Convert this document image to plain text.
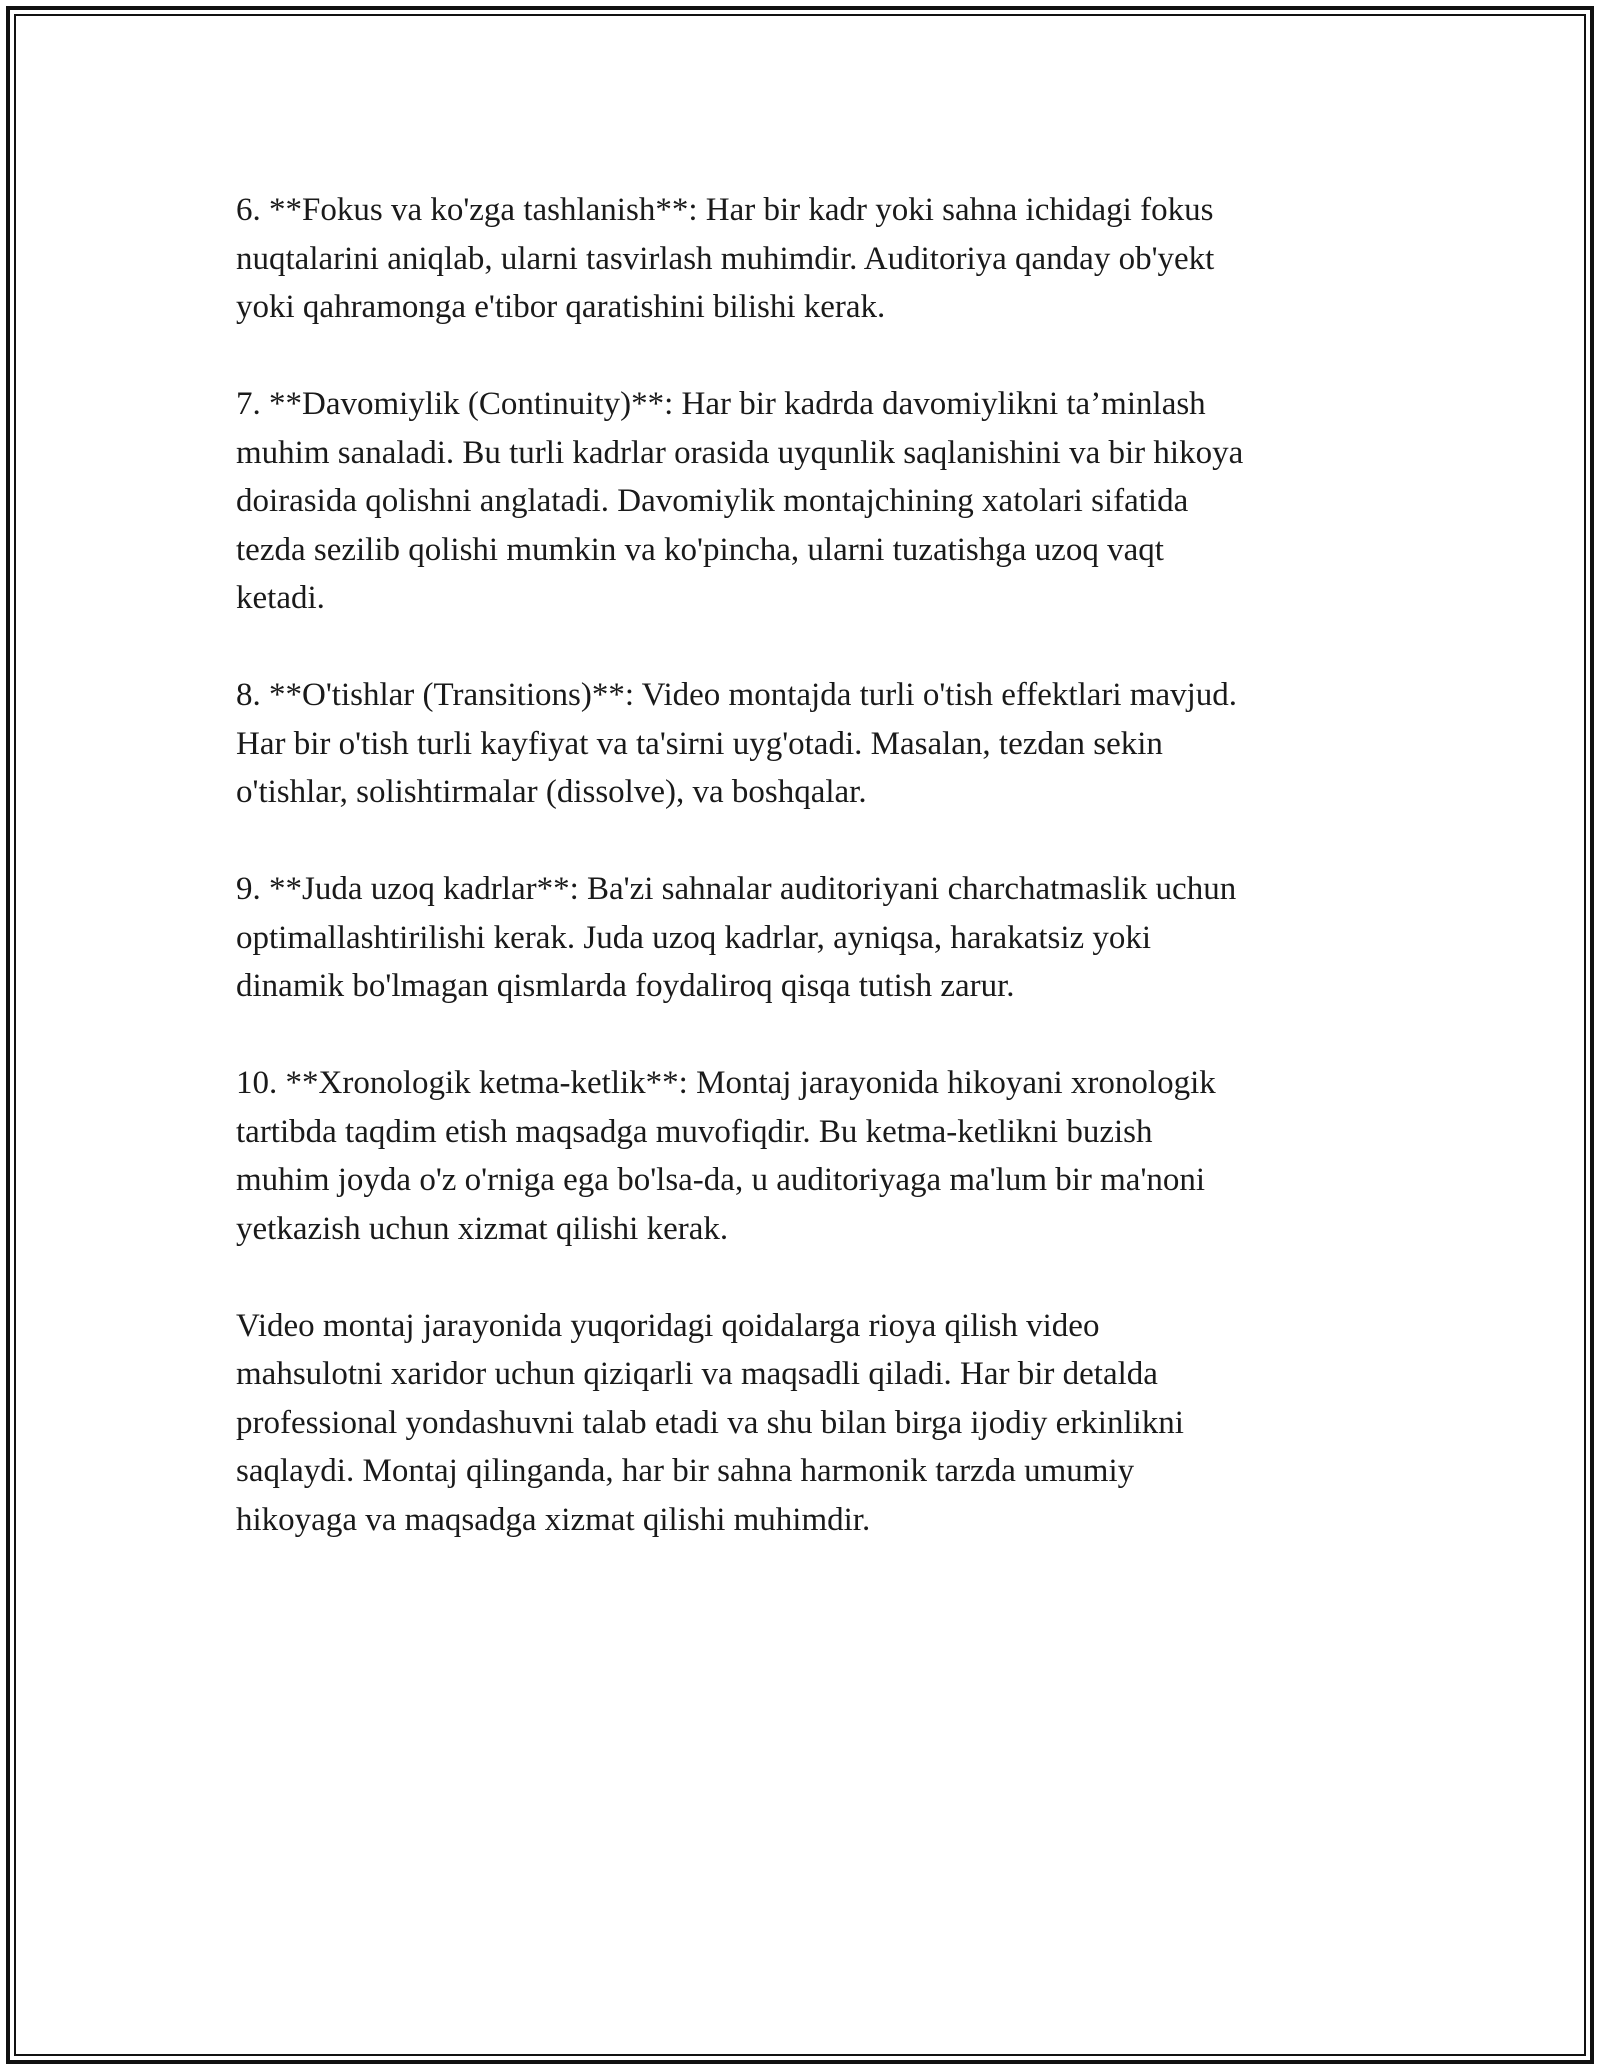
6. **Fokus va ko'zga tashlanish**: Har bir kadr yoki sahna ichidagi fokus
nuqtalarini aniqlab, ularni tasvirlash muhimdir. Auditoriya qanday ob'yekt
yoki qahramonga e'tibor qaratishini bilishi kerak.

7. **Davomiylik (Continuity)**: Har bir kadrda davomiylikni ta’minlash
muhim sanaladi. Bu turli kadrlar orasida uyqunlik saqlanishini va bir hikoya
doirasida qolishni anglatadi. Davomiylik montajchining xatolari sifatida
tezda sezilib qolishi mumkin va ko'pincha, ularni tuzatishga uzoq vaqt
ketadi.

8. **O'tishlar (Transitions)**: Video montajda turli o'tish effektlari mavjud.
Har bir o'tish turli kayfiyat va ta'sirni uyg'otadi. Masalan, tezdan sekin
o'tishlar, solishtirmalar (dissolve), va boshqalar.

9. **Juda uzoq kadrlar**: Ba'zi sahnalar auditoriyani charchatmaslik uchun
optimallashtirilishi kerak. Juda uzoq kadrlar, ayniqsa, harakatsiz yoki
dinamik bo'lmagan qismlarda foydaliroq qisqa tutish zarur.

10. **Xronologik ketma-ketlik**: Montaj jarayonida hikoyani xronologik
tartibda taqdim etish maqsadga muvofiqdir. Bu ketma-ketlikni buzish
muhim joyda o'z o'rniga ega bo'lsa-da, u auditoriyaga ma'lum bir ma'noni
yetkazish uchun xizmat qilishi kerak.

Video montaj jarayonida yuqoridagi qoidalarga rioya qilish video
mahsulotni xaridor uchun qiziqarli va maqsadli qiladi. Har bir detalda
professional yondashuvni talab etadi va shu bilan birga ijodiy erkinlikni
saqlaydi. Montaj qilinganda, har bir sahna harmonik tarzda umumiy
hikoyaga va maqsadga xizmat qilishi muhimdir.
